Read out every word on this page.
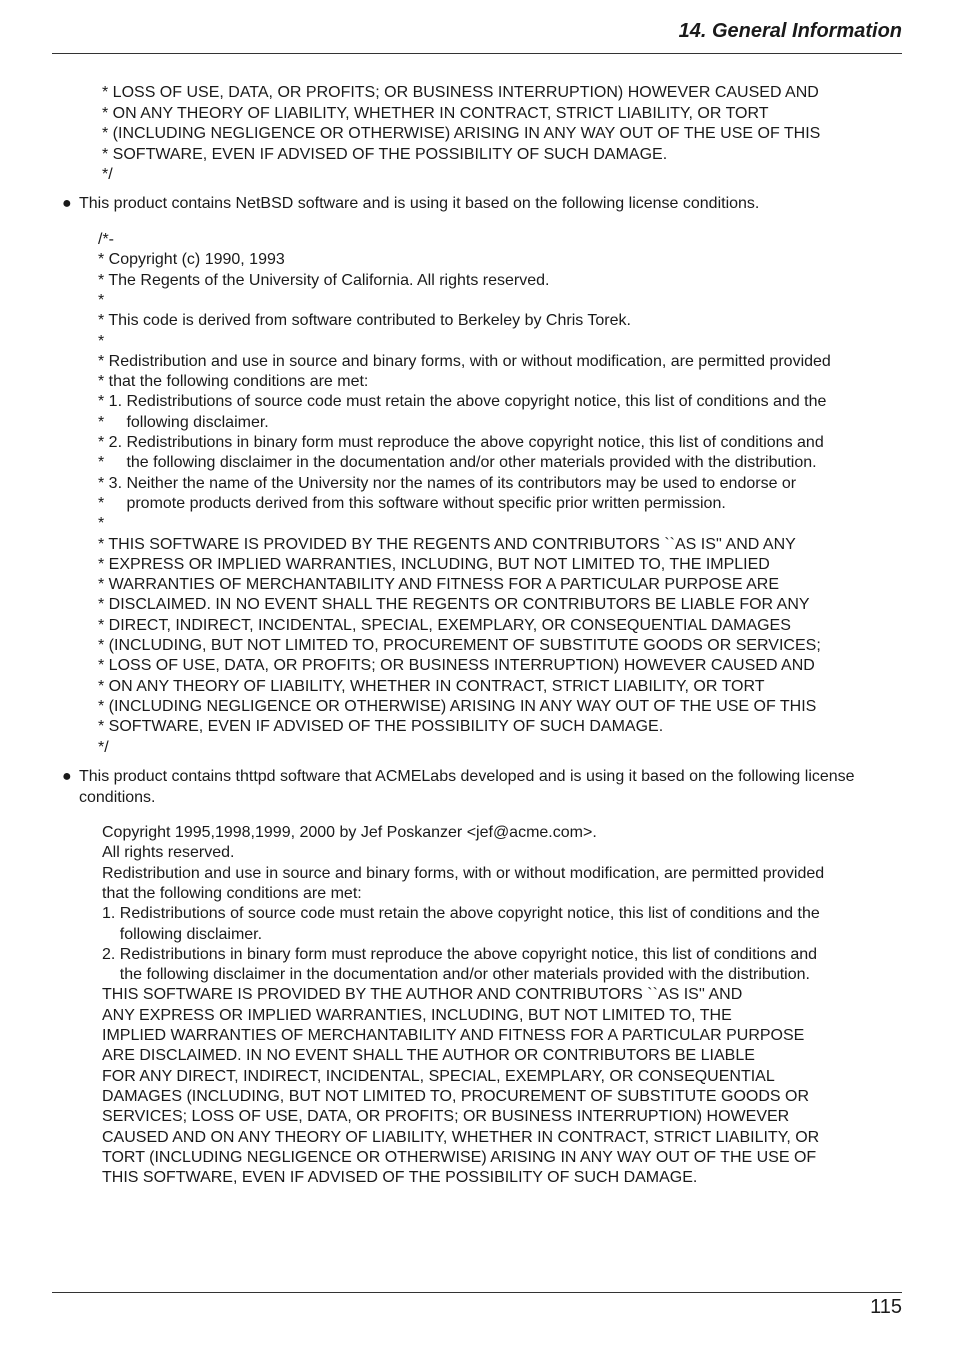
14. General Information
* LOSS OF USE, DATA, OR PROFITS; OR BUSINESS INTERRUPTION) HOWEVER CAUSED AND
* ON ANY THEORY OF LIABILITY, WHETHER IN CONTRACT, STRICT LIABILITY, OR TORT
* (INCLUDING NEGLIGENCE OR OTHERWISE) ARISING IN ANY WAY OUT OF THE USE OF THIS
* SOFTWARE, EVEN IF ADVISED OF THE POSSIBILITY OF SUCH DAMAGE.
*/
● This product contains NetBSD software and is using it based on the following license conditions.
/*-
* Copyright (c) 1990, 1993
* The Regents of the University of California. All rights reserved.
*
* This code is derived from software contributed to Berkeley by Chris Torek.
*
* Redistribution and use in source and binary forms, with or without modification, are permitted provided
* that the following conditions are met:
* 1. Redistributions of source code must retain the above copyright notice, this list of conditions and the
*     following disclaimer.
* 2. Redistributions in binary form must reproduce the above copyright notice, this list of conditions and
*     the following disclaimer in the documentation and/or other materials provided with the distribution.
* 3. Neither the name of the University nor the names of its contributors may be used to endorse or
*     promote products derived from this software without specific prior written permission.
*
* THIS SOFTWARE IS PROVIDED BY THE REGENTS AND CONTRIBUTORS ``AS IS'' AND ANY
* EXPRESS OR IMPLIED WARRANTIES, INCLUDING, BUT NOT LIMITED TO, THE IMPLIED
* WARRANTIES OF MERCHANTABILITY AND FITNESS FOR A PARTICULAR PURPOSE ARE
* DISCLAIMED. IN NO EVENT SHALL THE REGENTS OR CONTRIBUTORS BE LIABLE FOR ANY
* DIRECT, INDIRECT, INCIDENTAL, SPECIAL, EXEMPLARY, OR CONSEQUENTIAL DAMAGES
* (INCLUDING, BUT NOT LIMITED TO, PROCUREMENT OF SUBSTITUTE GOODS OR SERVICES;
* LOSS OF USE, DATA, OR PROFITS; OR BUSINESS INTERRUPTION) HOWEVER CAUSED AND
* ON ANY THEORY OF LIABILITY, WHETHER IN CONTRACT, STRICT LIABILITY, OR TORT
* (INCLUDING NEGLIGENCE OR OTHERWISE) ARISING IN ANY WAY OUT OF THE USE OF THIS
* SOFTWARE, EVEN IF ADVISED OF THE POSSIBILITY OF SUCH DAMAGE.
*/
● This product contains thttpd software that ACMELabs developed and is using it based on the following license
conditions.
Copyright 1995,1998,1999, 2000 by Jef Poskanzer <jef@acme.com>.
All rights reserved.
Redistribution and use in source and binary forms, with or without modification, are permitted provided
that the following conditions are met:
1. Redistributions of source code must retain the above copyright notice, this list of conditions and the
following disclaimer.
2. Redistributions in binary form must reproduce the above copyright notice, this list of conditions and
the following disclaimer in the documentation and/or other materials provided with the distribution.
THIS SOFTWARE IS PROVIDED BY THE AUTHOR AND CONTRIBUTORS ``AS IS'' AND
ANY EXPRESS OR IMPLIED WARRANTIES, INCLUDING, BUT NOT LIMITED TO, THE
IMPLIED WARRANTIES OF MERCHANTABILITY AND FITNESS FOR A PARTICULAR PURPOSE
ARE DISCLAIMED. IN NO EVENT SHALL THE AUTHOR OR CONTRIBUTORS BE LIABLE
FOR ANY DIRECT, INDIRECT, INCIDENTAL, SPECIAL, EXEMPLARY, OR CONSEQUENTIAL
DAMAGES (INCLUDING, BUT NOT LIMITED TO, PROCUREMENT OF SUBSTITUTE GOODS OR
SERVICES; LOSS OF USE, DATA, OR PROFITS; OR BUSINESS INTERRUPTION) HOWEVER
CAUSED AND ON ANY THEORY OF LIABILITY, WHETHER IN CONTRACT, STRICT LIABILITY, OR
TORT (INCLUDING NEGLIGENCE OR OTHERWISE) ARISING IN ANY WAY OUT OF THE USE OF
THIS SOFTWARE, EVEN IF ADVISED OF THE POSSIBILITY OF SUCH DAMAGE.
115
